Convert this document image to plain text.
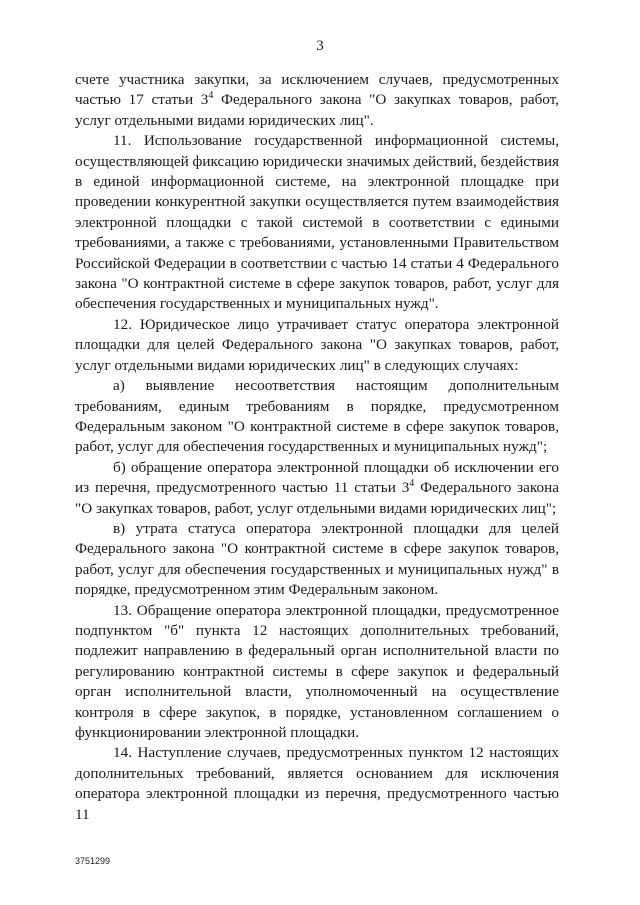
3

счете участника закупки, за исключением случаев, предусмотренных частью 17 статьи $3^4$ Федерального закона "О закупках товаров, работ, услуг отдельными видами юридических лиц".

11. Использование государственной информационной системы, осуществляющей фиксацию юридически значимых действий, бездействия в единой информационной системе, на электронной площадке при проведении конкурентной закупки осуществляется путем взаимодействия электронной площадки с такой системой в соответствии с едиными требованиями, а также с требованиями, установленными Правительством Российской Федерации в соответствии с частью 14 статьи 4 Федерального закона "О контрактной системе в сфере закупок товаров, работ, услуг для обеспечения государственных и муниципальных нужд".

12. Юридическое лицо утрачивает статус оператора электронной площадки для целей Федерального закона "О закупках товаров, работ, услуг отдельными видами юридических лиц" в следующих случаях:

а) выявление несоответствия настоящим дополнительным требованиям, единым требованиям в порядке, предусмотренном Федеральным законом "О контрактной системе в сфере закупок товаров, работ, услуг для обеспечения государственных и муниципальных нужд";

б) обращение оператора электронной площадки об исключении его из перечня, предусмотренного частью 11 статьи $3^4$ Федерального закона "О закупках товаров, работ, услуг отдельными видами юридических лиц";

в) утрата статуса оператора электронной площадки для целей Федерального закона "О контрактной системе в сфере закупок товаров, работ, услуг для обеспечения государственных и муниципальных нужд" в порядке, предусмотренном этим Федеральным законом.

13. Обращение оператора электронной площадки, предусмотренное подпунктом "б" пункта 12 настоящих дополнительных требований, подлежит направлению в федеральный орган исполнительной власти по регулированию контрактной системы в сфере закупок и федеральный орган исполнительной власти, уполномоченный на осуществление контроля в сфере закупок, в порядке, установленном соглашением о функционировании электронной площадки.

14. Наступление случаев, предусмотренных пунктом 12 настоящих дополнительных требований, является основанием для исключения оператора электронной площадки из перечня, предусмотренного частью 11

3751299
